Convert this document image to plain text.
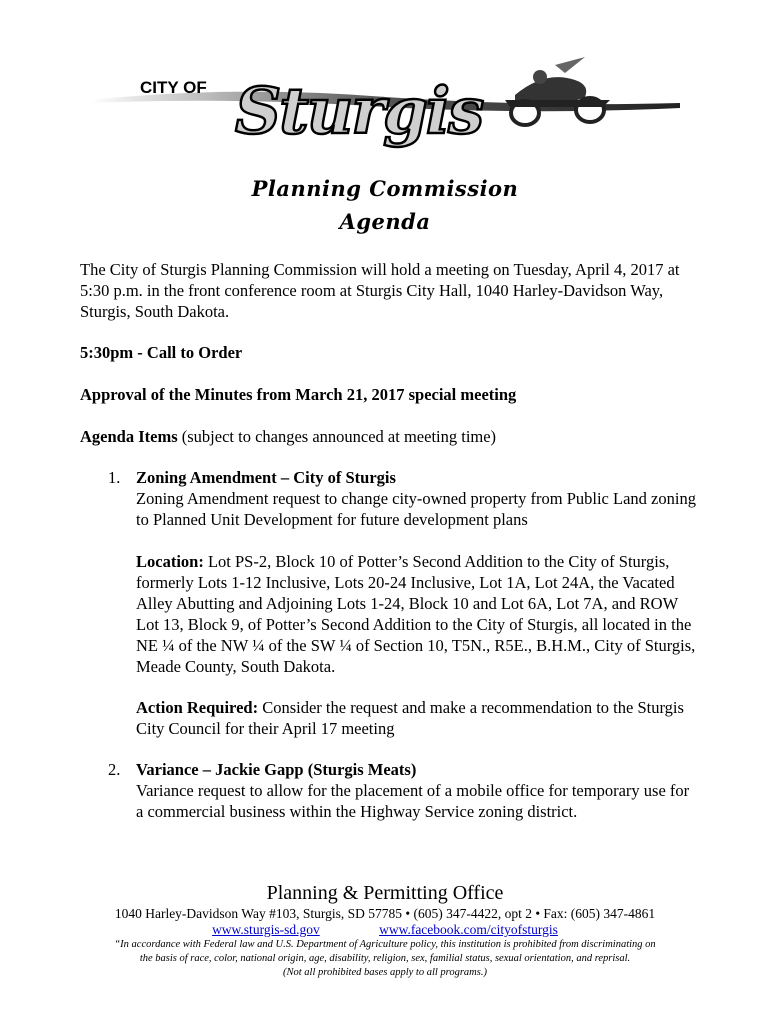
CITY OF Sturgis
Planning Commission
Agenda
The City of Sturgis Planning Commission will hold a meeting on Tuesday, April 4, 2017 at 5:30 p.m. in the front conference room at Sturgis City Hall, 1040 Harley-Davidson Way, Sturgis, South Dakota.
5:30pm - Call to Order
Approval of the Minutes from March 21, 2017 special meeting
Agenda Items (subject to changes announced at meeting time)
1. Zoning Amendment – City of Sturgis
Zoning Amendment request to change city-owned property from Public Land zoning to Planned Unit Development for future development plans
Location: Lot PS-2, Block 10 of Potter’s Second Addition to the City of Sturgis, formerly Lots 1-12 Inclusive, Lots 20-24 Inclusive, Lot 1A, Lot 24A, the Vacated Alley Abutting and Adjoining Lots 1-24, Block 10 and Lot 6A, Lot 7A, and ROW Lot 13, Block 9, of Potter’s Second Addition to the City of Sturgis, all located in the NE ¼ of the NW ¼ of the SW ¼ of Section 10, T5N., R5E., B.H.M., City of Sturgis, Meade County, South Dakota.
Action Required: Consider the request and make a recommendation to the Sturgis City Council for their April 17 meeting
2. Variance – Jackie Gapp (Sturgis Meats)
Variance request to allow for the placement of a mobile office for temporary use for a commercial business within the Highway Service zoning district.
Planning & Permitting Office
1040 Harley-Davidson Way #103, Sturgis, SD 57785 • (605) 347-4422, opt 2 • Fax: (605) 347-4861
www.sturgis-sd.gov	www.facebook.com/cityofsturgis
“In accordance with Federal law and U.S. Department of Agriculture policy, this institution is prohibited from discriminating on
the basis of race, color, national origin, age, disability, religion, sex, familial status, sexual orientation, and reprisal.
(Not all prohibited bases apply to all programs.)
